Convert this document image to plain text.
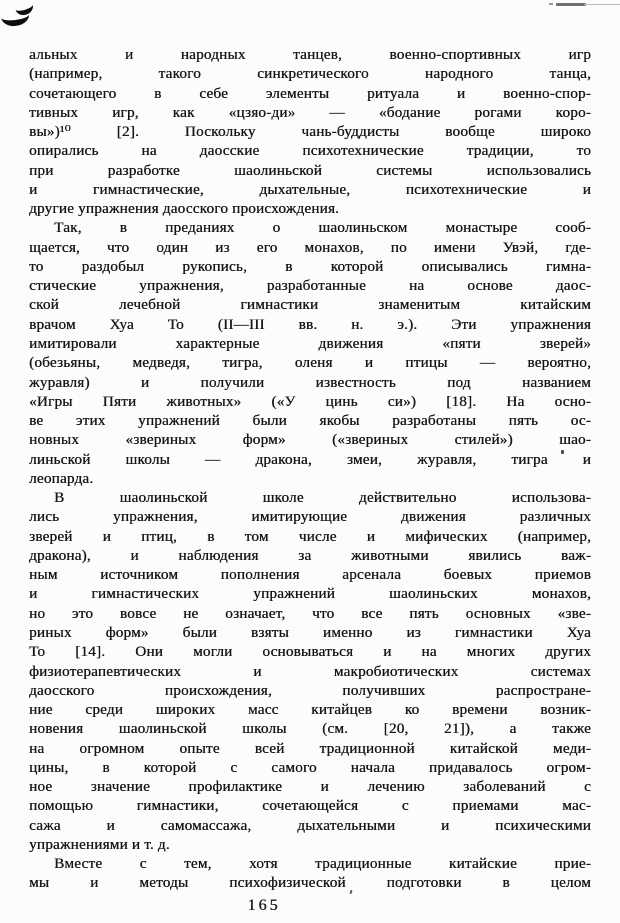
альных и народных танцев, военно-спортивных игр
(например, такого синкретического народного танца,
сочетающего в себе элементы ритуала и военно-спор-
тивных игр, как «цзяо-ди» — «бодание рогами коро-
вы»)¹⁰ [2]. Поскольку чань-буддисты вообще широко
опирались на даосские психотехнические традиции, то
при разработке шаолиньской системы использовались
и гимнастические, дыхательные, психотехнические и
другие упражнения даосского происхождения.
Так, в преданиях о шаолиньском монастыре сооб-
щается, что один из его монахов, по имени Увэй, где-
то раздобыл рукопись, в которой описывались гимна-
стические упражнения, разработанные на основе даос-
ской лечебной гимнастики знаменитым китайским
врачом Хуа То (II—III вв. н. э.). Эти упражнения
имитировали характерные движения «пяти зверей»
(обезьяны, медведя, тигра, оленя и птицы — вероятно,
журавля) и получили известность под названием
«Игры Пяти животных» («У цинь си») [18]. На осно-
ве этих упражнений были якобы разработаны пять ос-
новных «звериных форм» («звериных стилей») шао-
линьской школы — дракона, змеи, журавля, тигра и
леопарда.
В шаолиньской школе действительно использова-
лись упражнения, имитирующие движения различных
зверей и птиц, в том числе и мифических (например,
дракона), и наблюдения за животными явились важ-
ным источником пополнения арсенала боевых приемов
и гимнастических упражнений шаолиньских монахов,
но это вовсе не означает, что все пять основных «зве-
риных форм» были взяты именно из гимнастики Хуа
То [14]. Они могли основываться и на многих других
физиотерапевтических и макробиотических системах
даосского происхождения, получивших распростране-
ние среди широких масс китайцев ко времени возник-
новения шаолиньской школы (см. [20, 21]), а также
на огромном опыте всей традиционной китайской меди-
цины, в которой с самого начала придавалось огром-
ное значение профилактике и лечению заболеваний с
помощью гимнастики, сочетающейся с приемами мас-
сажа и самомассажа, дыхательными и психическими
упражнениями и т. д.
Вместе с тем, хотя традиционные китайские прие-
мы и методы психофизической подготовки в целом
165
